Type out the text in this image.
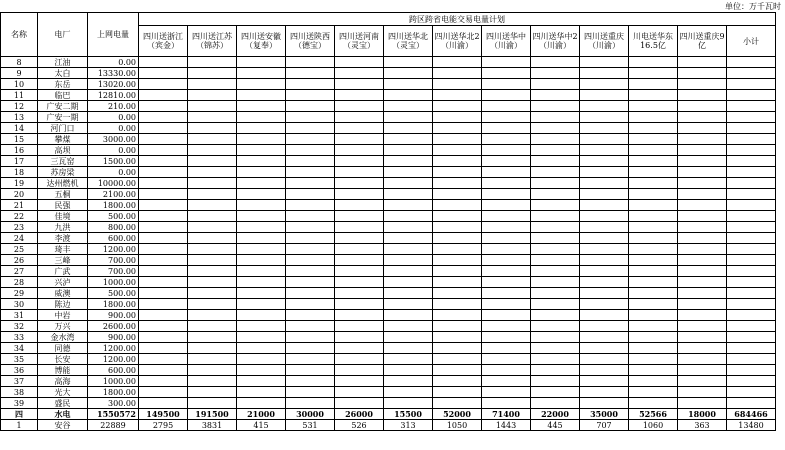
单位：万千瓦时
名称	电厂	上网电量	跨区跨省电能交易电量计划												
			四川送浙江（宾金）	四川送江苏（锦苏）	四川送安徽（复奉）	四川送陕西（德宝）	四川送河南（灵宝）	四川送华北（灵宝）	四川送华北2（川渝）	四川送华中（川渝）	四川送华中2（川渝）	四川送重庆（川渝）	川电送华东16.5亿	四川送重庆9亿	小计
8	江油	0.00													
9	太白	13330.00													
10	东岳	13020.00													
11	临巴	12810.00													
12	广安二期	210.00													
13	广安一期	0.00													
14	河门口	0.00													
15	攀煤	3000.00													
16	高坝	0.00													
17	三瓦窑	1500.00													
18	苏房梁	0.00													
19	达州燃机	10000.00													
20	五桐	2100.00													
21	民强	1800.00													
22	佳境	500.00													
23	九洪	800.00													
24	李渡	600.00													
25	琦丰	1200.00													
26	三峰	700.00													
27	广武	700.00													
28	兴泸	1000.00													
29	威澳	500.00													
30	陈边	1800.00													
31	中岩	900.00													
32	万兴	2600.00													
33	金水湾	900.00													
34	同德	1200.00													
35	长安	1200.00													
36	博能	600.00													
37	高海	1000.00													
38	光大	1800.00													
39	盛民	300.00													
四	水电	1550572	149500	191500	21000	30000	26000	15500	52000	71400	22000	35000	52566	18000	684466
1	安谷	22889	2795	3831	415	531	526	313	1050	1443	445	707	1060	363	13480
